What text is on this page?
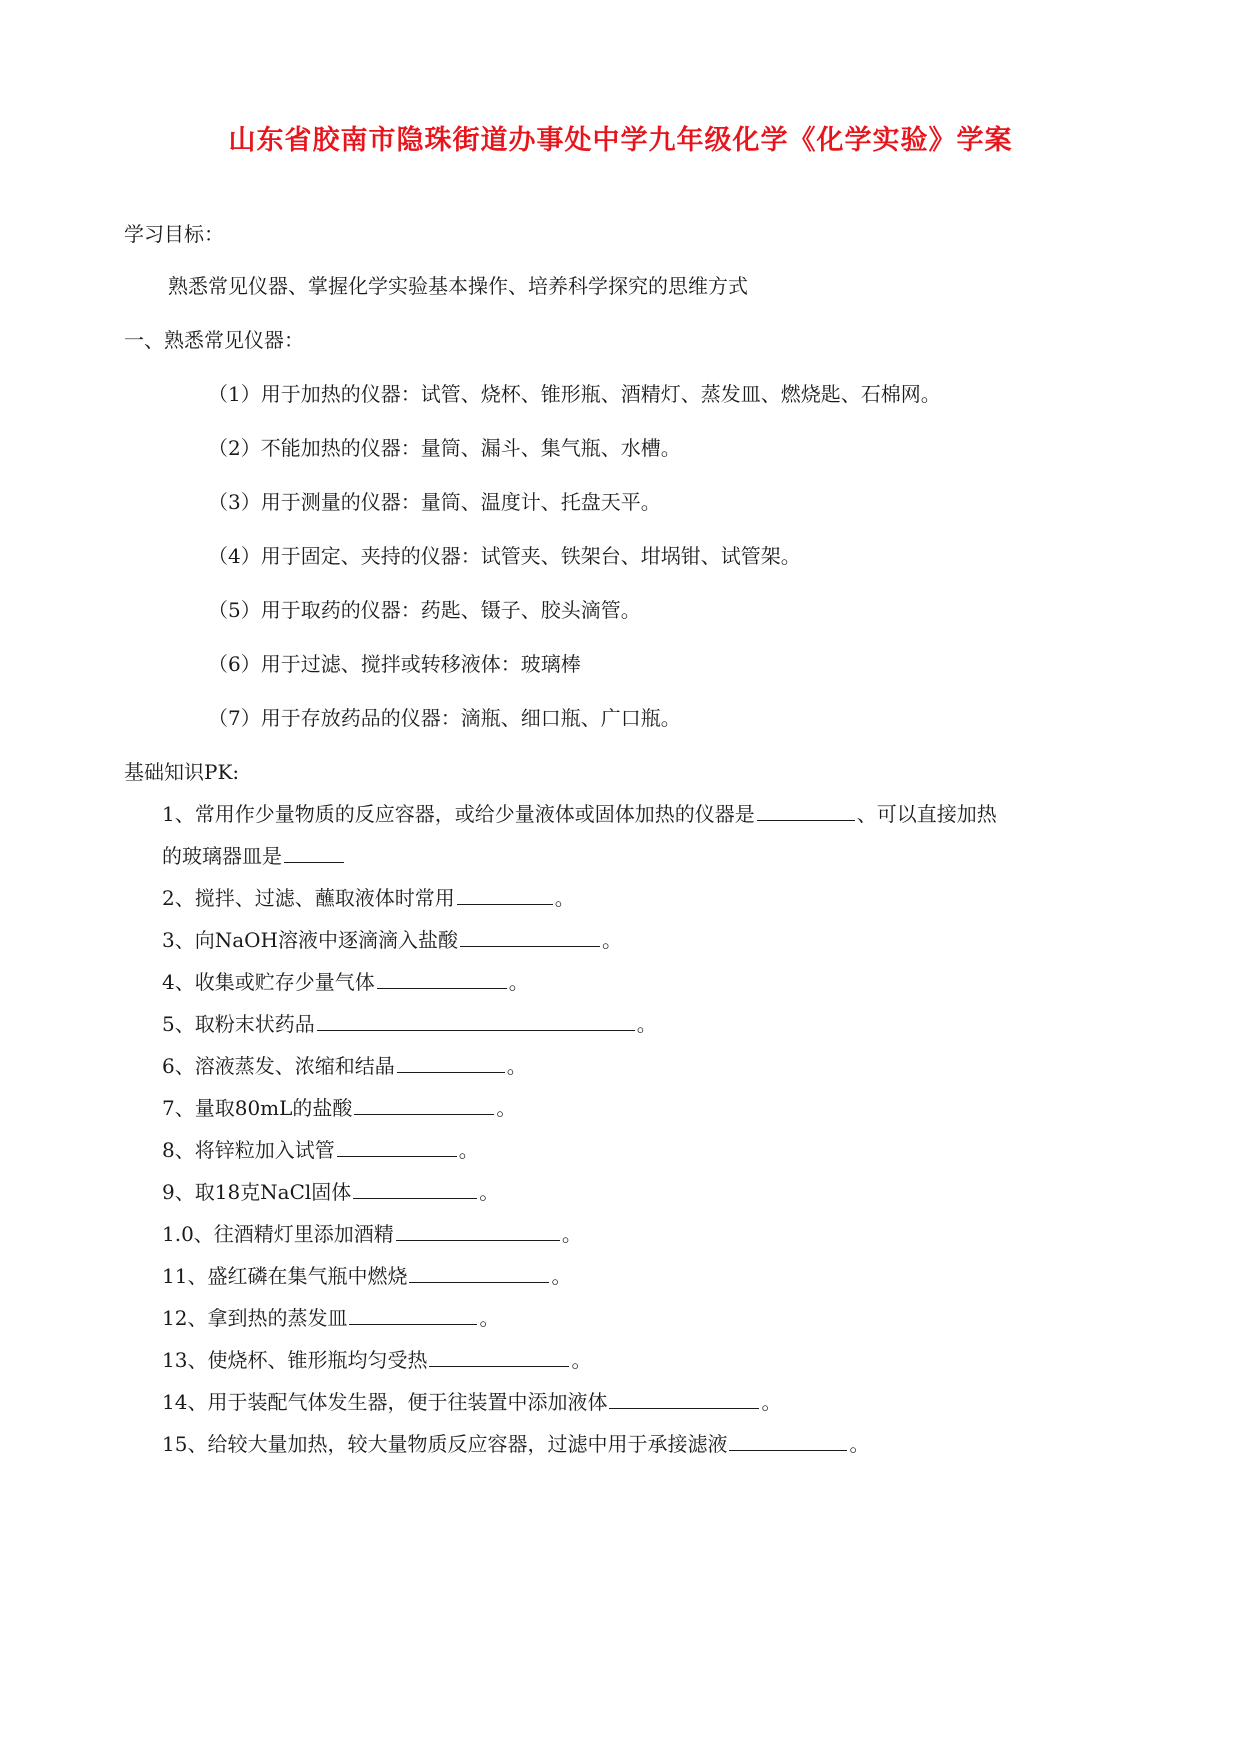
山东省胶南市隐珠街道办事处中学九年级化学《化学实验》学案
学习目标：
熟悉常见仪器、掌握化学实验基本操作、培养科学探究的思维方式
一、熟悉常见仪器：
（1）用于加热的仪器：试管、烧杯、锥形瓶、酒精灯、蒸发皿、燃烧匙、石棉网。
（2）不能加热的仪器：量筒、漏斗、集气瓶、水槽。
（3）用于测量的仪器：量筒、温度计、托盘天平。
（4）用于固定、夹持的仪器：试管夹、铁架台、坩埚钳、试管架。
（5）用于取药的仪器：药匙、镊子、胶头滴管。
（6）用于过滤、搅拌或转移液体：玻璃棒
（7）用于存放药品的仪器：滴瓶、细口瓶、广口瓶。
基础知识PK:
1、常用作少量物质的反应容器，或给少量液体或固体加热的仪器是	、可以直接加热
的玻璃器皿是
2、搅拌、过滤、蘸取液体时常用	。
3、向NaOH溶液中逐滴滴入盐酸	。
4、收集或贮存少量气体	。
5、取粉末状药品	。
6、溶液蒸发、浓缩和结晶	。
7、量取80mL的盐酸	。
8、将锌粒加入试管	。
9、取18克NaCl固体	。
1.0、往酒精灯里添加酒精	。
11、盛红磷在集气瓶中燃烧	。
12、拿到热的蒸发皿	。
13、使烧杯、锥形瓶均匀受热	。
14、用于装配气体发生器，便于往装置中添加液体	。
15、给较大量加热，较大量物质反应容器，过滤中用于承接滤液	。
